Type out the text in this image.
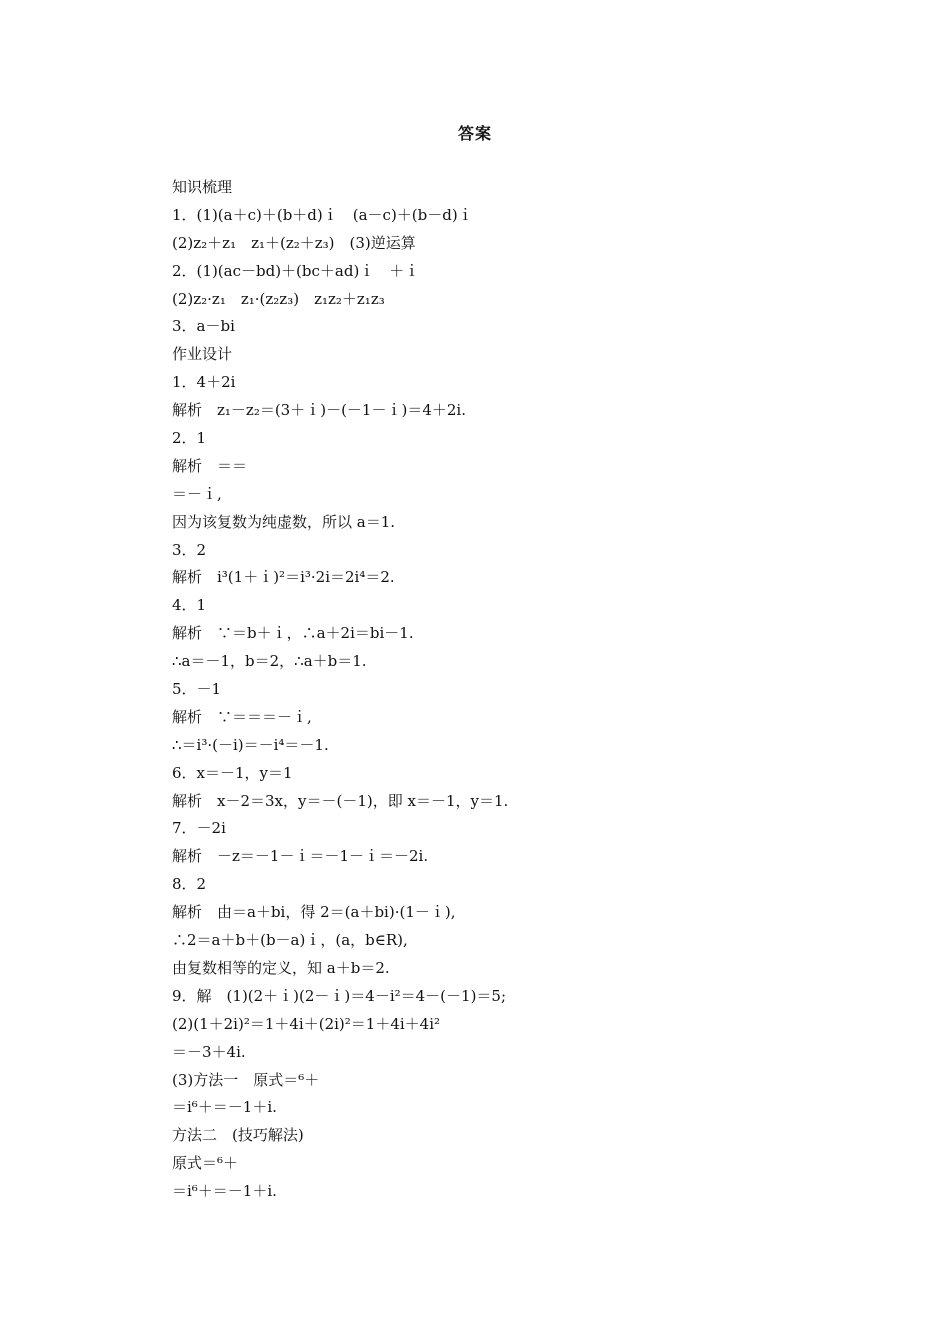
答案
知识梳理
1．(1)(a＋c)＋(b＋d)ｉ　(a－c)＋(b－d)ｉ
(2)z₂＋z₁　z₁＋(z₂＋z₃)　(3)逆运算
2．(1)(ac－bd)＋(bc＋ad)ｉ　＋ｉ
(2)z₂·z₁　z₁·(z₂z₃)　z₁z₂＋z₁z₃
3．a－bi
作业设计
1．4＋2i
解析　z₁－z₂＝(3＋ｉ)－(－1－ｉ)＝4＋2i.
2．1
解析　＝＝
＝－ｉ,
因为该复数为纯虚数，所以 a＝1.
3．2
解析　i³(1＋ｉ)²＝i³·2i＝2i⁴＝2.
4．1
解析　∵＝b＋ｉ，∴a＋2i＝bi－1.
∴a＝－1，b＝2，∴a＋b＝1.
5．－1
解析　∵＝＝＝－ｉ,
∴＝i³·(－i)＝－i⁴＝－1.
6．x＝－1，y＝1
解析　x－2＝3x，y＝－(－1)，即 x＝－1，y＝1.
7．－2i
解析　－z＝－1－ｉ＝－1－ｉ＝－2i.
8．2
解析　由＝a＋bi，得 2＝(a＋bi)·(1－ｉ),
∴2＝a＋b＋(b－a)ｉ，(a，b∈R),
由复数相等的定义，知 a＋b＝2.
9．解　(1)(2＋ｉ)(2－ｉ)＝4－i²＝4－(－1)＝5;
(2)(1＋2i)²＝1＋4i＋(2i)²＝1＋4i＋4i²
＝－3＋4i.
(3)方法一　原式＝⁶＋
＝i⁶＋＝－1＋i.
方法二　(技巧解法)
原式＝⁶＋
＝i⁶＋＝－1＋i.
